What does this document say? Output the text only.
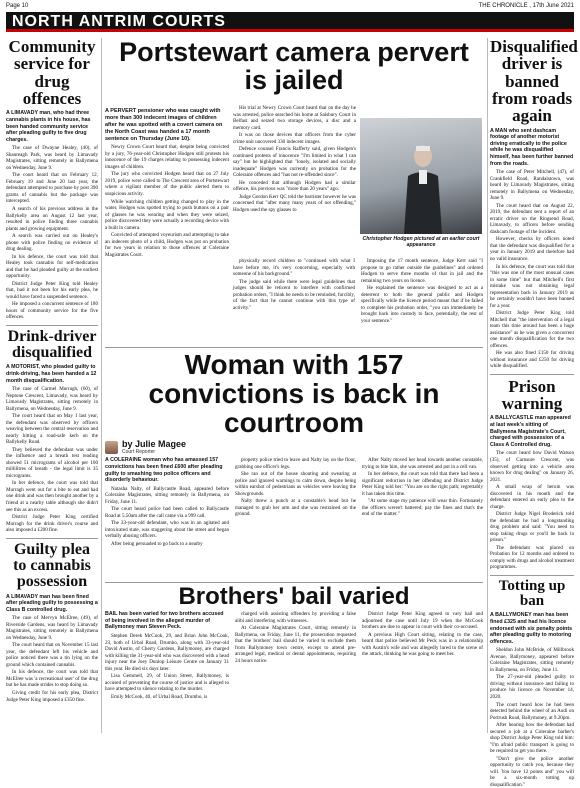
Page 10	THE CHRONICLE , 17th June 2021
NORTH ANTRIM COURTS
Community service for drug offences
A LIMAVADY man, who had three cannabis plants in his house, has been handed community service after pleading guilty to five drug charges.

The case of Dwayne Healey, (40), of Shanreagh Park, was heard by Limavady Magistrates, sitting remotely in Ballymena on Wednesday, June 9.

The court heard that on February 12, February 19 and June 20 last year, the defendant attempted to purchase by post 390 grams of cannabis but the package was intercepted.

A search of his previous address in the Ballykelly area on August 12 last year, resulted in police finding three cannabis plants and growing equipment.

A search was carried out on Healey's phone with police finding no evidence of drug dealing.

In his defence, the court was told that Healey took cannabis for self-medication and that he had pleaded guilty at the earliest opportunity.

District Judge Peter King told Healey that, had it not been for his early plea, he would have faced a suspended sentence.

He imposed a concurrent sentence of 180 hours of community service for the five offences.

Drink-driver disqualified
A MOTORIST, who pleaded guilty to drink-driving, has been handed a 12 month disqualification.

The case of Carmel Murragh, (60), of Neptone Crescent, Limavady, was heard by Limavady Magistrates, sitting remotely in Ballymena, on Wednesday, June 9.

The court heard that on May 1 last year, the defendant was observed by officers weaving between the central reservation and nearly hitting a road-safe kerb on the Ballykelly Road.

They believed the defendant was under the influence and a breath test reading showed 51 micrograms of alcohol per 100 millilitres of breath - the legal limit is 35 micrograms.

In her defence, the court was told that Murragh went out for a bite to eat and had one drink and was then brought another by a friend at a nearby table although she didn't see this as an excess.

District Judge Peter King certified Murragh for the drink driver's course and also imposed a £200 fine.

Guilty plea to cannabis possession
A LIMAVADY man has been fined after pleading guilty to possessing a Class B controlled drug.

The case of Mervyn McElree, (49), of Riverside Gardens, was heard by Limavady Magistrates, sitting remotely in Ballymena on Wednesday, June 9.

The court heard that on November 15 last year, the defendant left his vehicle and police noticed there was a tin lying on the ground which contained cannabis.

In his defence, the court was told that McElree was 'a recreational user' of the drug but he has made strides to stop doing so.

Giving credit for his early plea, District Judge Peter King imposed a £350 fine.

Portstewart camera pervert is jailed
A PERVERT pensioner who was caught with more than 300 indecent images of children after he was spotted with a covert camera on the North Coast was handed a 17 month sentence on Thursday (June 10).

Newry Crown Court heard that, despite being convicted by a jury, 76-year-old Christopher Hodgen still protests his innocence of the 19 charges relating to possessing indecent images of children.

The jury who convicted Hodgen heard that on 27 July 2019, police were called to The Crescent area of Portstewart where a vigilant member of the public alerted them to suspicious activity.

While watching children getting changed to play in the water, Hodgen was spotted trying to push buttons on a pair of glasses he was wearing and when they were seized, police discovered they were actually a recording device with a built in camera.

Convicted of attempted voyeurism and attempting to take an indecent photo of a child, Hodgen was put on probation for two years in relation to those offences at Coleraine Magistrates Court.

His trial at Newry Crown Court heard that on the day he was arrested, police searched his home at Salsbury Court in Belfast and seized two storage devices, a disc and a memory card.

It was on those devices that officers from the cyber crime unit uncovered 330 indecent images.

Defence counsel Francis Rafferty said, given Hodgen's continued protests of innocence "I'm limited in what I can say" but he highlighted that "lonely, isolated and socially inadequate" Hodgen was currently on probation for the Coleraine offences and "has not re-offended since".

He conceded that although Hodgen had a similar offence, his previous was "more than 20 years" ago.

Judge Gordon Kerr QC told the barrister however he was concerned that "after many many years of not offending," Hodgen used the spy glasses to

Christopher Hodgen pictured at an earlier court appearance

physically record children to "continued with what I have before me, it's very concerning, especially with someone of his background."

The judge said while there were legal guidelines that judges should be reticent to interfere with confirmed probation orders, "I think he needs to be reminded, forcibly, of the fact that he cannot continue with this type of activity."

Imposing the 17 month sentence, Judge Kerr said "I propose to go rather outside the guidelines" and ordered Hodgen to serve three months of that in jail and the remaining two years on licence.

He explained the sentence was designed to act as a deterrent to both the general public and Hodgen specifically while the licence period meant that if he failed to complete his probation order, "you can immediately be brought back into custody to face, potentially, the rest of your sentence."

Woman with 157 convictions is back in courtroom
by Julie Magee
Court Reporter
A COLERAINE woman who has amassed 157 convictions has been fined £600 after pleading guilty to smashing two police officers and disorderly behaviour.

Natasha Nalty, of Ballycastle Road, appeared before Coleraine Magistrates, sitting remotely in Ballymena, on Friday, June 11.

The court heard police had been called to Ballycastle Road at 5.50am after the call came via a 999 call.

The 33-year-old defendant, who was in an agitated and intoxicated state, was staggering about the street and began verbally abusing officers.

After being persuaded to go back to a nearby

property police tried to leave and Nalty lay on the floor, grabbing one officer's legs.

She ran out of the house shouting and swearing at police and ignored warnings to calm down, despite being within earshot of pedestrians as vehicles were leaving the Showgrounds.

Nalty threw a punch at a constable's head but he managed to grab her arm and she was restrained on the ground.

After Nalty moved her head towards another constable, trying to bite him, she was arrested and put in a cell van.

In her defence, the court was told that there had been a significant reduction in her offending and District Judge Peter King told her: "You are on the right path; regrettably it has taken this time.

"At some stage my patience will wear thin. Fortunately the officers weren't battered; pay the fines and that's the end of the matter."

Brothers' bail varied
BAIL has been varied for two brothers accused of being involved in the alleged murder of Ballymoney man Steven Peck.

Stephen Derek McCook, 29, and Brian John McCook, 23, both of Urbal Road, Drumbo, along with 33-year-old David Austin, of Cherry Gardens, Ballymoney, are charged with killing the 31-year-old who was discovered with a head injury near the Joey Dunlop Leisure Centre on January 31 this year. He died six days later.

Lisa Gemmell, 29, of Union Street, Ballymoney, is accused of preventing the course of justice and is alleged to have attempted to silence relating to the murder.

Emily McCook, 40, of Urbal Road, Drumbo, is

charged with assisting offenders by providing a false alibi and interfering with witnesses.

At Coleraine Magistrates Court, sitting remotely in Ballymena, on Friday, June 11, the prosecution requested that the brothers' bail should be varied to exclude them from Ballymoney town centre, except to attend pre-arranged legal, medical or dental appointments, requiring 24 hours notice.

District Judge Peter King agreed to vary bail and adjourned the case until July 19 when the McCook brothers are due to appear in court with their co-accused.

A previous High Court sitting, relating to the case, heard that police believed Mr Peck was in a relationship with Austin's wife and was allegedly lured to the scene of the attack, thinking he was going to meet her.

Disqualified driver is banned from roads again
A MAN who sent dashcam footage of another motorist driving erratically to the police while he was disqualified himself, has been further banned from the roads.

The case of Peter Mitchell, (47), of Crankfield Road, Randalstown, was heard by Limavady Magistrates, sitting remotely in Ballymena on Wednesday, June 9.

The court heard that on August 22, 2019, the defendant sent a report of an erratic driver on the Ringsend Road, Limavady, to officers before sending dashcam footage of the incident.

However, checks by officers noted that the defendant was disqualified for a year in January 2019 and therefore had no valid insurance.

In his defence, the court was told that "this was one of the most unusual cases in some time" but that Mitchell's first mistake was not obtaining legal representation back in January 2019 as he certainly wouldn't have been banned for a year.

District Judge Peter King told Mitchell that "the intervention of a legal team this time around has been a huge assistance" as he was given a concurrent one month disqualification for the two offences.

He was also fined £150 for driving without insurance and £250 for driving while disqualified.

Prison warning
A BALLYCASTLE man appeared at last week's sitting of Ballymena Magistrate's Court, charged with possession of a Class A Controlled drug.

The court heard how David Watson (35), of Carnsure Crescent, was observed getting into a vehicle area known for drug dealing" on January 26, 2021.

A small wrap of heroin was discovered in his mouth and the defendant entered an early plea to the charge.

District Judge Nigel Broderick told the defendant he had a longstanding drug problem and said: "You need to stop taking drugs or you'll be back in prison."

The defendant was placed on Probation for 12 months and ordered to comply with drugs and alcohol treatment programmes.

Totting up ban
A BALLYMONEY man has been fined £325 and had his licence endorsed with six penalty points after pleading guilty to motoring offences.

Sheldon John McBride, of Millbrook Avenue, Ballymoney, appeared before Coleraine Magistrates, sitting remotely in Ballymena, on Friday, June 11.

The 27-year-old pleaded guilty to driving without insurance and failing to produce his licence on November 14, 2020.

The court heard how he had been detected behind the wheel of an Audi on Portrush Road, Ballymoney, at 9.20pm.

After hearing how the defendant had secured a job at a Coleraine barber's shop District Judge Peter King told him: "I'm afraid public transport is going to be required to get you there.

"Don't give the police another opportunity to catch you, because they will. You have 12 points and" you will be a six-month totting up disqualification."
